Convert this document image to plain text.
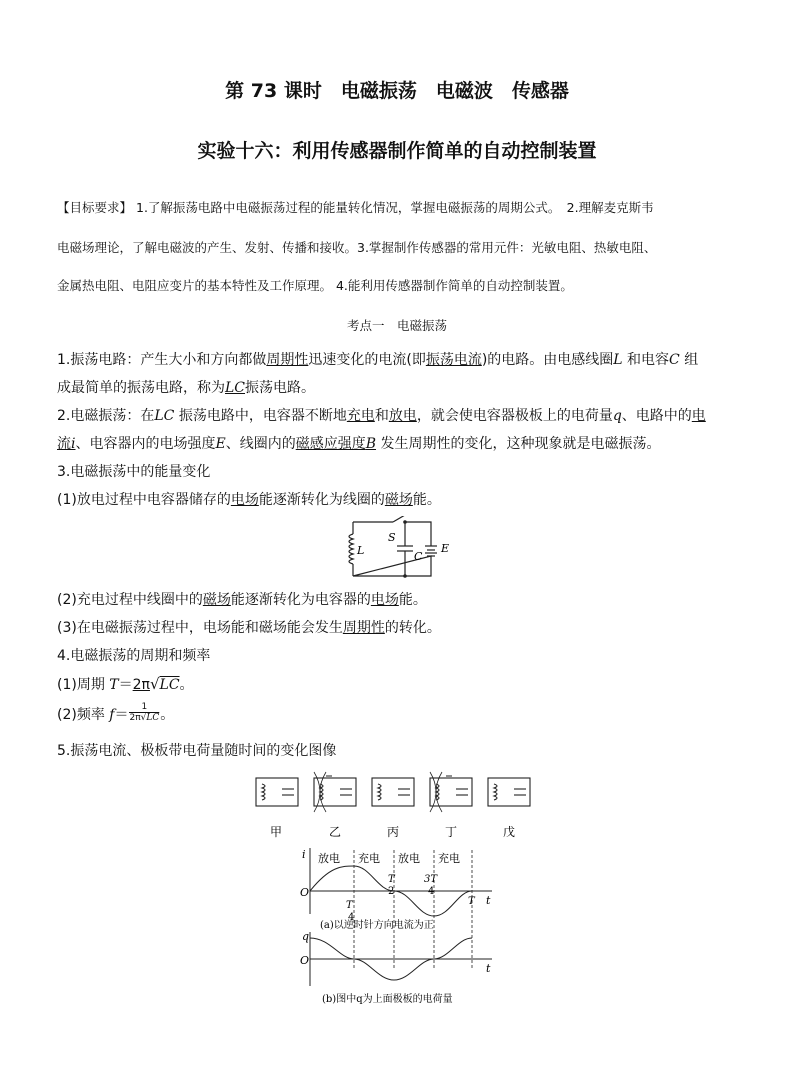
第 73 课时　电磁振荡　电磁波　传感器
实验十六：利用传感器制作简单的自动控制装置
【目标要求】 1.了解振荡电路中电磁振荡过程的能量转化情况，掌握电磁振荡的周期公式。　2.理解麦克斯韦
电磁场理论，了解电磁波的产生、发射、传播和接收。3.掌握制作传感器的常用元件：光敏电阻、热敏电阻、
金属热电阻、电阻应变片的基本特性及工作原理。 4.能利用传感器制作简单的自动控制装置。
考点一　电磁振荡
1.振荡电路：产生大小和方向都做周期性迅速变化的电流(即振荡电流)的电路。由电感线圈L 和电容C 组
成最简单的振荡电路，称为LC振荡电路。
2.电磁振荡：在LC 振荡电路中，电容器不断地充电和放电，就会使电容器极板上的电荷量q、电路中的电
流i、电容器内的电场强度E、线圈内的磁感应强度B 发生周期性的变化，这种现象就是电磁振荡。
3.电磁振荡中的能量变化
(1)放电过程中电容器储存的电场能逐渐转化为线圈的磁场能。
L
S
C
E
(2)充电过程中线圈中的磁场能逐渐转化为电容器的电场能。
(3)在电磁振荡过程中，电场能和磁场能会发生周期性的转化。
4.电磁振荡的周期和频率
(1)周期 T＝2π√LC。
(2)频率 $f= \frac{1}{2\pi√LC}$ 。
5.振荡电流、极板带电荷量随时间的变化图像
甲	乙	丙	丁	戊
i
O
t
放电 充电 放电 充电
T
4
T
2
3T
4
T
(a)以逆时针方向电流为正
q
O
t
(b)图中q为上面极板的电荷量
